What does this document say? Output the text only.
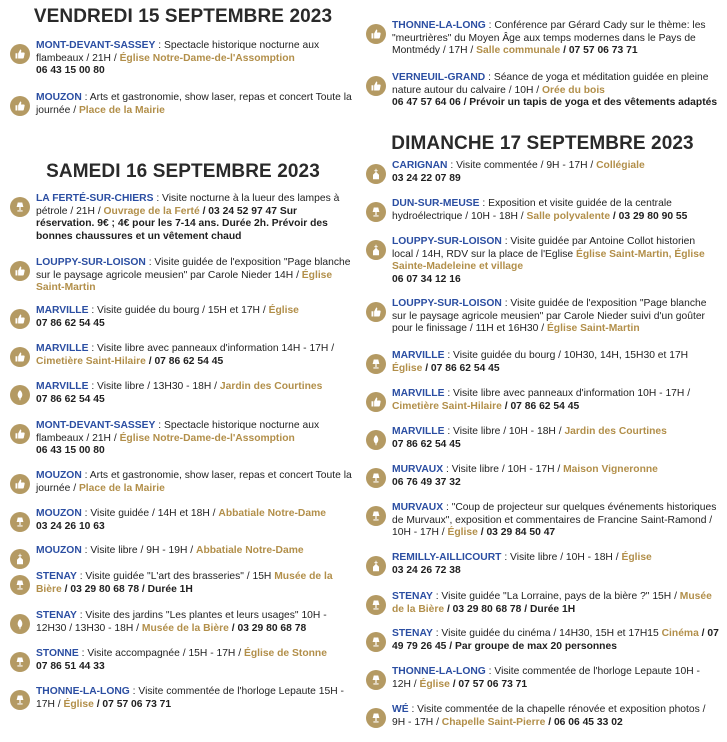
VENDREDI 15 SEPTEMBRE 2023
MONT-DEVANT-SASSEY : Spectacle historique nocturne aux flambeaux / 21H / Église Notre-Dame-de-l'Assomption
06 43 15 00 80
MOUZON : Arts et gastronomie, show laser, repas et concert Toute la journée / Place de la Mairie
SAMEDI 16 SEPTEMBRE 2023
LA FERTÉ-SUR-CHIERS : Visite nocturne à la lueur des lampes à pétrole / 21H / Ouvrage de la Ferté / 03 24 52 97 47 Sur réservation. 9€ ; 4€ pour les 7-14 ans. Durée 2h. Prévoir des bonnes chaussures et un vêtement chaud
LOUPPY-SUR-LOISON : Visite guidée de l'exposition "Page blanche sur le paysage agricole meusien" par Carole Nieder 14H / Église Saint-Martin
MARVILLE : Visite guidée du bourg / 15H et 17H / Église
07 86 62 54 45
MARVILLE : Visite libre avec panneaux d'information 14H - 17H / Cimetière Saint-Hilaire / 07 86 62 54 45
MARVILLE : Visite libre / 13H30 - 18H / Jardin des Courtines
07 86 62 54 45
MONT-DEVANT-SASSEY : Spectacle historique nocturne aux flambeaux / 21H / Église Notre-Dame-de-l'Assomption
06 43 15 00 80
MOUZON : Arts et gastronomie, show laser, repas et concert Toute la journée / Place de la Mairie
MOUZON : Visite guidée / 14H et 18H / Abbatiale Notre-Dame
03 24 26 10 63
MOUZON : Visite libre / 9H - 19H / Abbatiale Notre-Dame
STENAY : Visite guidée "L'art des brasseries" / 15H Musée de la Bière / 03 29 80 68 78 / Durée 1H
STENAY : Visite des jardins "Les plantes et leurs usages" 10H - 12H30 / 13H30 - 18H / Musée de la Bière / 03 29 80 68 78
STONNE : Visite accompagnée / 15H - 17H / Église de Stonne
07 86 51 44 33
THONNE-LA-LONG : Visite commentée de l'horloge Lepaute 15H - 17H / Église / 07 57 06 73 71
THONNE-LA-LONG : Conférence par Gérard Cady sur le thème: les "meurtrières" du Moyen Âge aux temps modernes dans le Pays de Montmédy / 17H / Salle communale / 07 57 06 73 71
VERNEUIL-GRAND : Séance de yoga et méditation guidée en pleine nature autour du calvaire / 10H / Orée du bois
06 47 57 64 06 / Prévoir un tapis de yoga et des vêtements adaptés
DIMANCHE 17 SEPTEMBRE 2023
CARIGNAN : Visite commentée / 9H - 17H / Collégiale
03 24 22 07 89
DUN-SUR-MEUSE : Exposition et visite guidée de la centrale hydroélectrique / 10H - 18H / Salle polyvalente / 03 29 80 90 55
LOUPPY-SUR-LOISON : Visite guidée par Antoine Collot historien local / 14H, RDV sur la place de l'Eglise Église Saint-Martin, Église Sainte-Madeleine et village
06 07 34 12 16
LOUPPY-SUR-LOISON : Visite guidée de l'exposition "Page blanche sur le paysage agricole meusien" par Carole Nieder suivi d'un goûter pour le finissage / 11H et 16H30 / Église Saint-Martin
MARVILLE : Visite guidée du bourg / 10H30, 14H, 15H30 et 17H Église / 07 86 62 54 45
MARVILLE : Visite libre avec panneaux d'information 10H - 17H / Cimetière Saint-Hilaire / 07 86 62 54 45
MARVILLE : Visite libre / 10H - 18H / Jardin des Courtines
07 86 62 54 45
MURVAUX : Visite libre / 10H - 17H / Maison Vigneronne
06 76 49 37 32
MURVAUX : "Coup de projecteur sur quelques événements historiques de Murvaux", exposition et commentaires de Francine Saint-Ramond / 10H - 17H / Église / 03 29 84 50 47
REMILLY-AILLICOURT : Visite libre / 10H - 18H / Église
03 24 26 72 38
STENAY : Visite guidée "La Lorraine, pays de la bière ?" 15H / Musée de la Bière / 03 29 80 68 78 / Durée 1H
STENAY : Visite guidée du cinéma / 14H30, 15H et 17H15 Cinéma / 07 49 79 26 45 / Par groupe de max 20 personnes
THONNE-LA-LONG : Visite commentée de l'horloge Lepaute 10H - 12H / Église / 07 57 06 73 71
WÉ : Visite commentée de la chapelle rénovée et exposition photos / 9H - 17H / Chapelle Saint-Pierre / 06 06 45 33 02
